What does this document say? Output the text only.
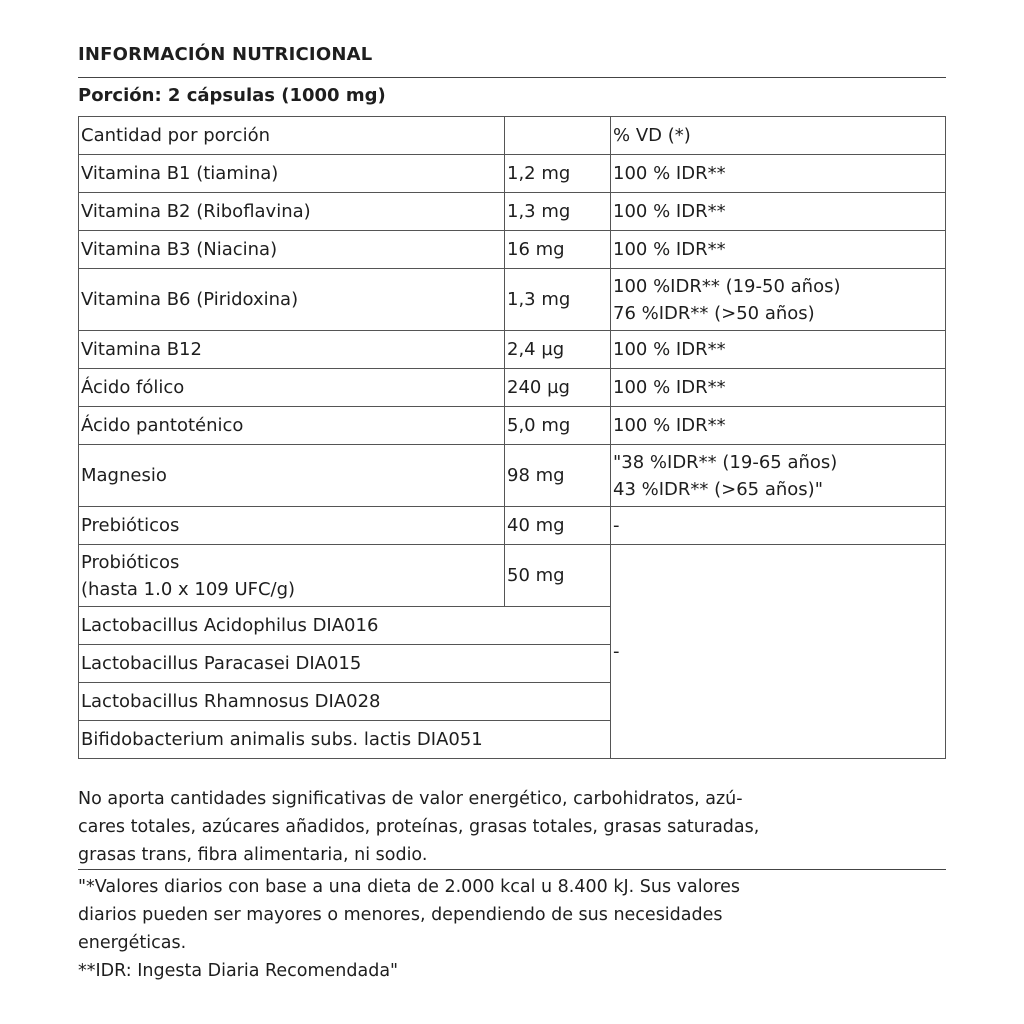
INFORMACIÓN NUTRICIONAL
Porción: 2 cápsulas (1000 mg)
Cantidad por porción		% VD (*)
Vitamina B1 (tiamina)	1,2 mg	100 % IDR**
Vitamina B2 (Riboflavina)	1,3 mg	100 % IDR**
Vitamina B3 (Niacina)	16 mg	100 % IDR**
Vitamina B6 (Piridoxina)	1,3 mg	100 %IDR** (19-50 años)
76 %IDR** (>50 años)

Vitamina B12	2,4 µg	100 % IDR**
Ácido fólico	240 µg	100 % IDR**
Ácido pantoténico	5,0 mg	100 % IDR**
Magnesio	98 mg	"38 %IDR** (19-65 años)
43 %IDR** (>65 años)"

Prebióticos	40 mg	-

Probióticos
(hasta 1.0 x 109 UFC/g)	50 mg	-
Lactobacillus Acidophilus DIA016		
Lactobacillus Paracasei DIA015		
Lactobacillus Rhamnosus DIA028		
Bifidobacterium animalis subs. lactis DIA051		
No aporta cantidades significativas de valor energético, carbohidratos, azú-
cares totales, azúcares añadidos, proteínas, grasas totales, grasas saturadas,
grasas trans, fibra alimentaria, ni sodio.
"*Valores diarios con base a una dieta de 2.000 kcal u 8.400 kJ. Sus valores
diarios pueden ser mayores o menores, dependiendo de sus necesidades
energéticas.
**IDR: Ingesta Diaria Recomendada"
